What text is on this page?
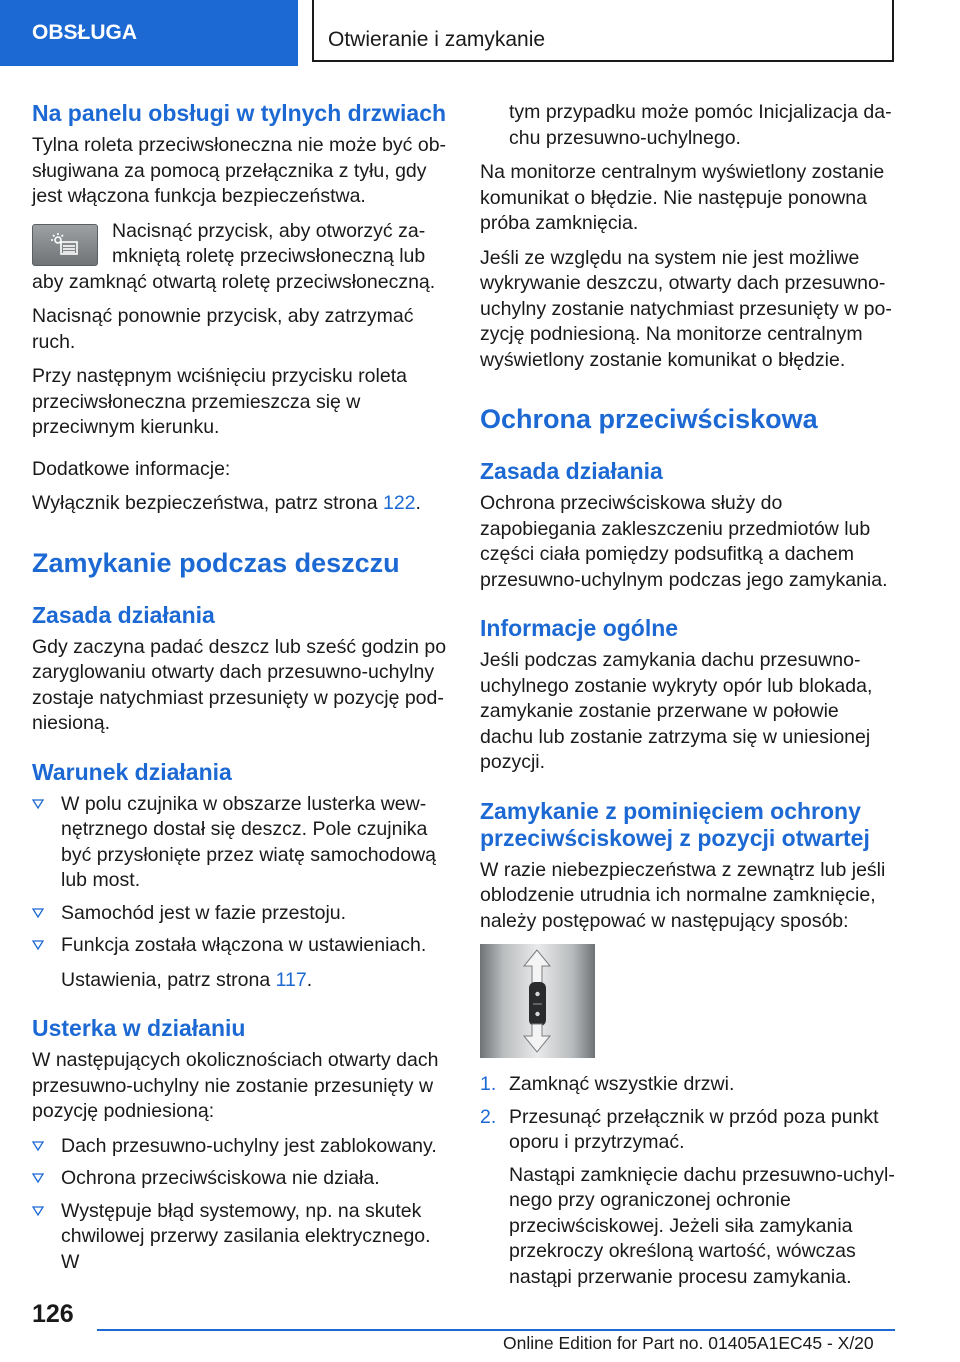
OBSŁUGA	Otwieranie i zamykanie
Na panelu obsługi w tylnych drzwiach

Tylna roleta przeciwsłoneczna nie może być obsługiwana za pomocą przełącznika z tyłu, gdy jest włączona funkcja bezpieczeństwa.

Nacisnąć przycisk, aby otworzyć zamkniętą roletę przeciwsłoneczną lub aby zamknąć otwartą roletę przeciwsłoneczną.

Nacisnąć ponownie przycisk, aby zatrzymać ruch.

Przy następnym wciśnięciu przycisku roleta przeciwsłoneczna przemieszcza się w przeciwnym kierunku.

Dodatkowe informacje:

Wyłącznik bezpieczeństwa, patrz strona 122.

Zamykanie podczas deszczu
Zasada działania

Gdy zaczyna padać deszcz lub sześć godzin po zaryglowaniu otwarty dach przesuwno-uchylny zostaje natychmiast przesunięty w pozycję podniesioną.

Warunek działania
W polu czujnika w obszarze lusterka wewnętrznego dostał się deszcz. Pole czujnika być przysłonięte przez wiatę samochodową lub most.
Samochód jest w fazie przestoju.
Funkcja została włączona w ustawieniach.

Ustawienia, patrz strona 117.

Usterka w działaniu

W następujących okolicznościach otwarty dach przesuwno-uchylny nie zostanie przesunięty w pozycję podniesioną:

Dach przesuwno-uchylny jest zablokowany.
Ochrona przeciwściskowa nie działa.
Występuje błąd systemowy, np. na skutek chwilowej przerwy zasilania elektrycznego. W

tym przypadku może pomóc Inicjalizacja dachu przesuwno-uchylnego.

Na monitorze centralnym wyświetlony zostanie komunikat o błędzie. Nie następuje ponowna próba zamknięcia.

Jeśli ze względu na system nie jest możliwe wykrywanie deszczu, otwarty dach przesuwno-uchylny zostanie natychmiast przesunięty w pozycję podniesioną. Na monitorze centralnym wyświetlony zostanie komunikat o błędzie.

Ochrona przeciwściskowa
Zasada działania

Ochrona przeciwściskowa służy do zapobiegania zakleszczeniu przedmiotów lub części ciała pomiędzy podsufitką a dachem przesuwno-uchylnym podczas jego zamykania.

Informacje ogólne

Jeśli podczas zamykania dachu przesuwno-uchylnego zostanie wykryty opór lub blokada, zamykanie zostanie przerwane w połowie dachu lub zostanie zatrzyma się w uniesionej pozycji.

Zamykanie z pominięciem ochrony przeciwściskowej z pozycji otwartej

W razie niebezpieczeństwa z zewnątrz lub jeśli oblodzenie utrudnia ich normalne zamknięcie, należy postępować w następujący sposób:

1. Zamknąć wszystkie drzwi.
2. Przesunąć przełącznik w przód poza punkt oporu i przytrzymać.

Nastąpi zamknięcie dachu przesuwno-uchylnego przy ograniczonej ochronie przeciwściskowej. Jeżeli siła zamykania przekroczy określoną wartość, wówczas nastąpi przerwanie procesu zamykania.

126
Online Edition for Part no. 01405A1EC45 - X/20
